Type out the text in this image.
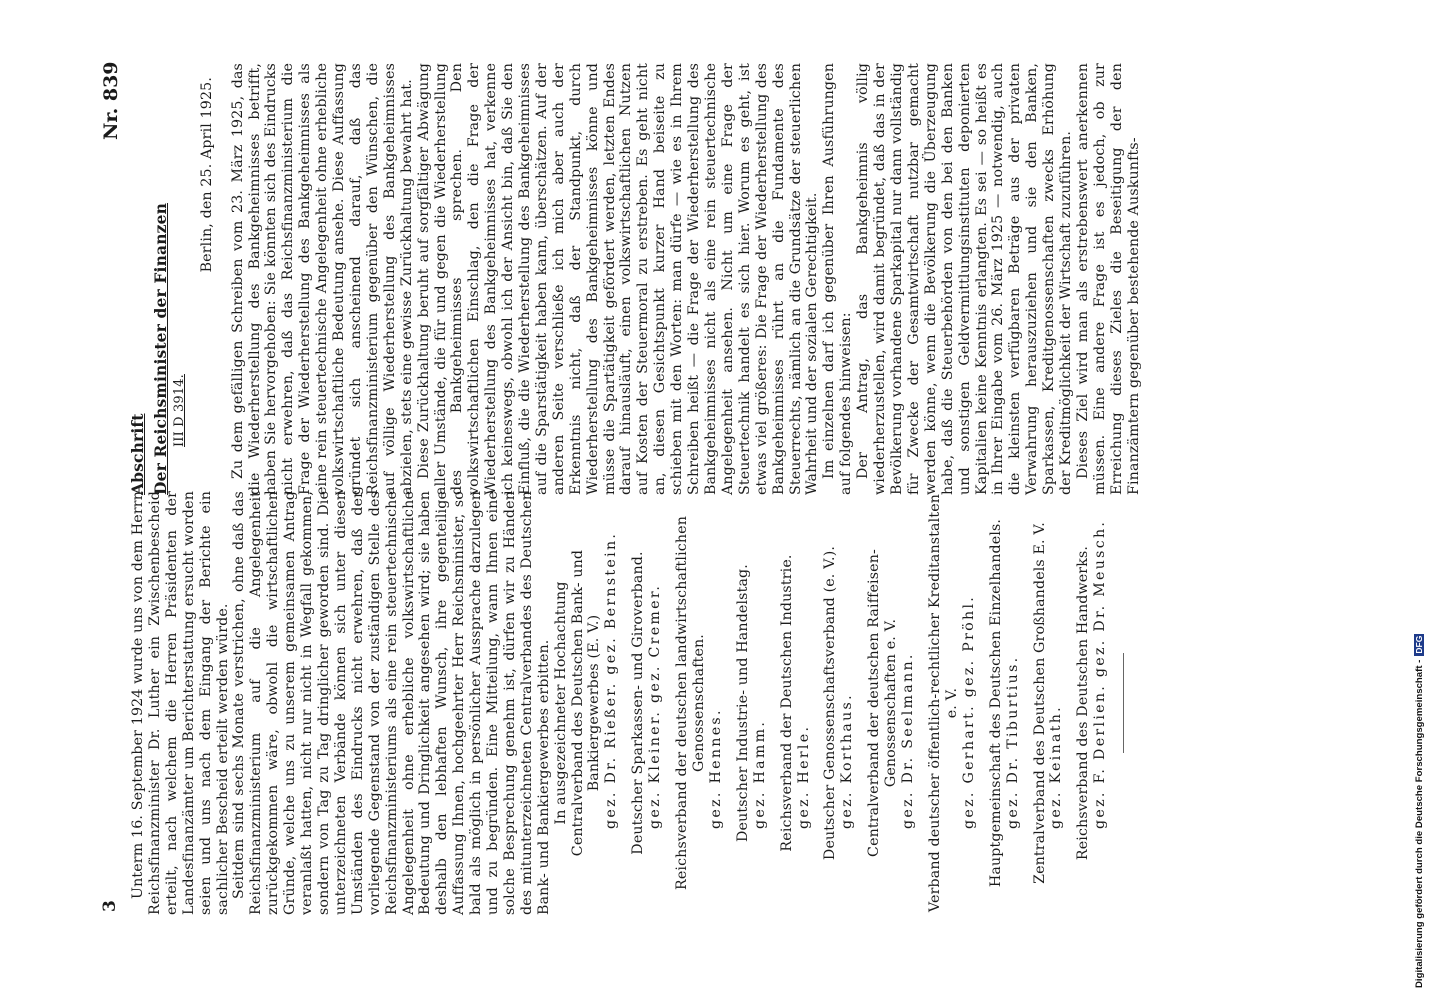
3
Nr. 839

Unterm 16. September 1924 wurde uns von dem Herrn Reichsfinanzminister Dr. Luther ein Zwischenbescheid erteilt, nach welchem die Herren Präsidenten der Landesfinanzämter um Berichterstattung ersucht worden seien und uns nach dem Eingang der Berichte ein sachlicher Bescheid erteilt werden würde. Seitdem sind sechs Monate verstrichen, ohne daß das Reichsfinanzministerium auf die Angelegenheit zurückgekommen wäre, obwohl die wirtschaftlichen Gründe, welche uns zu unserem gemeinsamen Antrag veranlaßt hatten, nicht nur nicht in Wegfall gekommen, sondern von Tag zu Tag dringlicher geworden sind. Die unterzeichneten Verbände können sich unter diesen Umständen des Eindrucks nicht erwehren, daß der vorliegende Gegenstand von der zuständigen Stelle des Reichsfinanzministeriums als eine rein steuertechnische Angelegenheit ohne erhebliche volkswirtschaftliche Bedeutung und Dringlichkeit angesehen wird; sie haben deshalb den lebhaften Wunsch, ihre gegenteilige Auffassung Ihnen, hochgeehrter Herr Reichsminister, so bald als möglich in persönlicher Aussprache darzulegen und zu begründen. Eine Mitteilung, wann Ihnen eine solche Besprechung genehm ist, dürfen wir zu Händen des mitunterzeichneten Centralverbandes des Deutschen Bank- und Bankiergewerbes erbitten. In ausgezeichneter Hochachtung Centralverband des Deutschen Bank- und Bankiergewerbes (E. V.) gez. Dr. Rießer. gez. Bernstein. Deutscher Sparkassen- und Giroverband. gez. Kleiner. gez. Cremer. Reichsverband der deutschen landwirtschaftlichen Genossenschaften. gez. Hennes. Deutscher Industrie- und Handelstag. gez. Hamm. Reichsverband der Deutschen Industrie. gez. Herle. Deutscher Genossenschaftsverband (e. V.). gez. Korthaus. Centralverband der deutschen Raiffeisen-Genossenschaften e. V. gez. Dr. Seelmann. Verband deutscher öffentlich-rechtlicher Kreditanstalten e. V. gez. Gerhart. gez. Pröhl. Hauptgemeinschaft des Deutschen Einzelhandels. gez. Dr. Tiburtius. Zentralverband des Deutschen Großhandels E. V. gez. Keinath. Reichsverband des Deutschen Handwerks. gez. F. Derlien. gez. Dr. Meusch.
Abschrift Der Reichsminister der Finanzen III D 3914.
Berlin, den 25. April 1925. Zu dem gefälligen Schreiben vom 23. März 1925, das die Wiederherstellung des Bankgeheimnisses betrifft, haben Sie hervorgehoben: Sie könnten sich des Eindrucks nicht erwehren, daß das Reichsfinanzministerium die Frage der Wiederherstellung des Bankgeheimnisses als eine rein steuertechnische Angelegenheit ohne erhebliche volkswirtschaftliche Bedeutung ansehe. Diese Auffassung gründet sich anscheinend darauf, daß das Reichsfinanzministerium gegenüber den Wünschen, die auf völlige Wiederherstellung des Bankgeheimnisses abzielen, stets eine gewisse Zurückhaltung bewahrt hat. Diese Zurückhaltung beruht auf sorgfältiger Abwägung aller Umstände, die für und gegen die Wiederherstellung des Bankgeheimnisses sprechen. Den volkswirtschaftlichen Einschlag, den die Frage der Wiederherstellung des Bankgeheimnisses hat, verkenne ich keineswegs, obwohl ich der Ansicht bin, daß Sie den Einfluß, die die Wiederherstellung des Bankgeheimnisses auf die Sparstätigkeit haben kann, überschätzen. Auf der anderen Seite verschließe ich mich aber auch der Erkenntnis nicht, daß der Standpunkt, durch Wiederherstellung des Bankgeheimnisses könne und müsse die Spartätigkeit gefördert werden, letzten Endes darauf hinausläuft, einen volkswirtschaftlichen Nutzen auf Kosten der Steuermoral zu erstreben. Es geht nicht an, diesen Gesichtspunkt kurzer Hand beiseite zu schieben mit den Worten: man dürfe — wie es in Ihrem Schreiben heißt — die Frage der Wiederherstellung des Bankgeheimnisses nicht als eine rein steuertechnische Angelegenheit ansehen. Nicht um eine Frage der Steuertechnik handelt es sich hier. Worum es geht, ist etwas viel größeres: Die Frage der Wiederherstellung des Bankgeheimnisses rührt an die Fundamente des Steuerrechts, nämlich an die Grundsätze der steuerlichen Wahrheit und der sozialen Gerechtigkeit. Im einzelnen darf ich gegenüber Ihren Ausführungen auf folgendes hinweisen: Der Antrag, das Bankgeheimnis völlig wiederherzustellen, wird damit begründet, daß das in der Bevölkerung vorhandene Sparkapital nur dann vollständig für Zwecke der Gesamtwirtschaft nutzbar gemacht werden könne, wenn die Bevölkerung die Überzeugung habe, daß die Steuerbehörden von den bei den Banken und sonstigen Geldvermittlungsinstituten deponierten Kapitalien keine Kenntnis erlangten. Es sei — so heißt es in Ihrer Eingabe vom 26. März 1925 — notwendig, auch die kleinsten verfügbaren Beträge aus der privaten Verwahrung herauszuziehen und sie den Banken, Sparkassen, Kreditgenossenschaften zwecks Erhöhung der Kreditmöglichkeit der Wirtschaft zuzuführen. Dieses Ziel wird man als erstrebenswert anerkennen müssen. Eine andere Frage ist es jedoch, ob zur Erreichung dieses Zieles die Beseitigung der den Finanzämtern gegenüber bestehende Auskunfts-

Digitalisierung gefördert durch die Deutsche Forschungsgemeinschaft -DFG
